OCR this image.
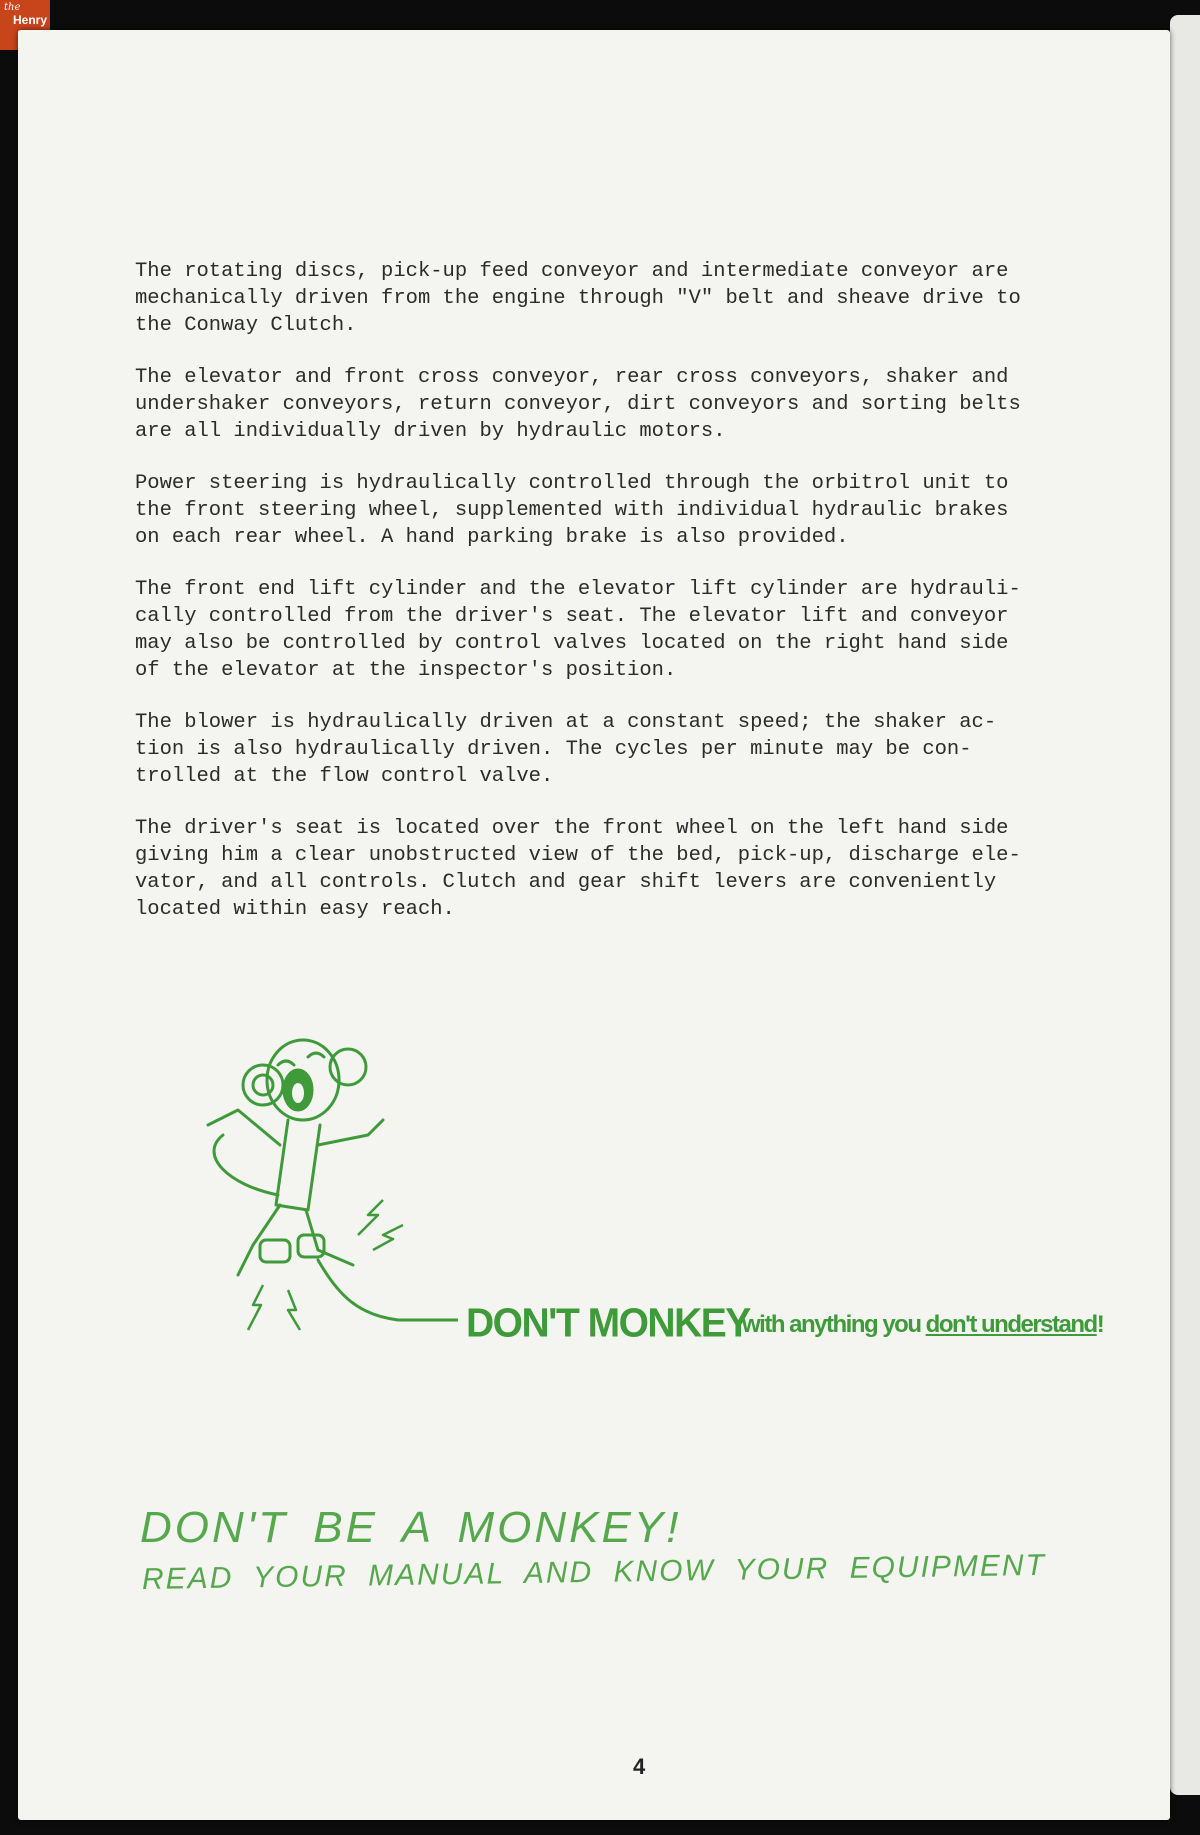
the
Henry

The rotating discs, pick-up feed conveyor and intermediate conveyor are
mechanically driven from the engine through "V" belt and sheave drive to
the Conway Clutch.

The elevator and front cross conveyor, rear cross conveyors, shaker and
undershaker conveyors, return conveyor, dirt conveyors and sorting belts
are all individually driven by hydraulic motors.

Power steering is hydraulically controlled through the orbitrol unit to
the front steering wheel, supplemented with individual hydraulic brakes
on each rear wheel. A hand parking brake is also provided.

The front end lift cylinder and the elevator lift cylinder are hydrauli-
cally controlled from the driver's seat. The elevator lift and conveyor
may also be controlled by control valves located on the right hand side
of the elevator at the inspector's position.

The blower is hydraulically driven at a constant speed; the shaker ac-
tion is also hydraulically driven. The cycles per minute may be con-
trolled at the flow control valve.

The driver's seat is located over the front wheel on the left hand side
giving him a clear unobstructed view of the bed, pick-up, discharge ele-
vator, and all controls. Clutch and gear shift levers are conveniently
located within easy reach.

DON'T MONKEY
with anything you don't understand!
DON'T BE A MONKEY!
READ YOUR MANUAL AND KNOW YOUR EQUIPMENT
4
